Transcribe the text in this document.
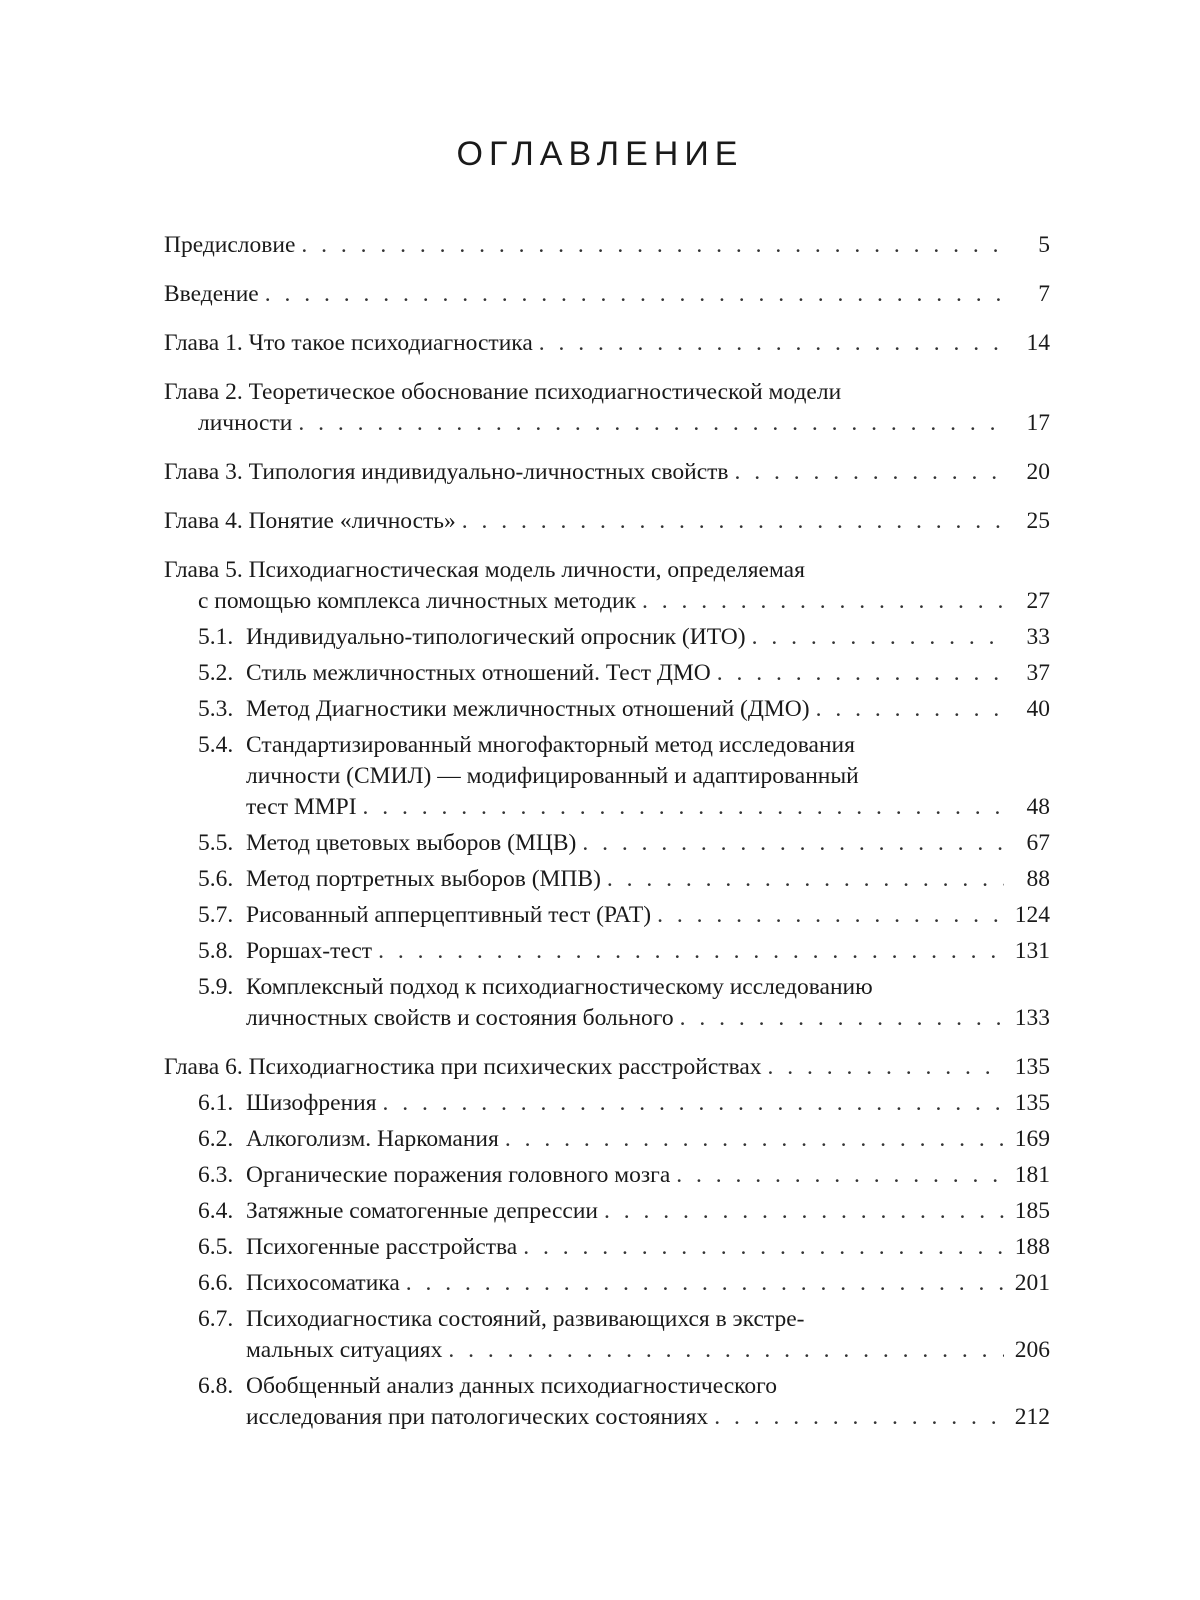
ОГЛАВЛЕНИЕ
Предисловие . . .	5
Введение . . .	7
Глава 1. Что такое психодиагностика . . .	14
Глава 2. Теоретическое обоснование психодиагностической модели
личности . . .	17
Глава 3. Типология индивидуально-личностных свойств . . .	20
Глава 4. Понятие «личность» . . .	25
Глава 5. Психодиагностическая модель личности, определяемая
с помощью комплекса личностных методик . . .	27
5.1. Индивидуально-типологический опросник (ИТО) . . .	33
5.2. Стиль межличностных отношений. Тест ДМО . . .	37
5.3. Метод Диагностики межличностных отношений (ДМО) . . .	40
5.4. Стандартизированный многофакторный метод исследования
личности (СМИЛ) — модифицированный и адаптированный
тест MMPI . . .	48
5.5. Метод цветовых выборов (МЦВ) . . .	67
5.6. Метод портретных выборов (МПВ) . . .	88
5.7. Рисованный апперцептивный тест (РАТ) . . .	124
5.8. Роршах-тест . . .	131
5.9. Комплексный подход к психодиагностическому исследованию
личностных свойств и состояния больного . . .	133
Глава 6. Психодиагностика при психических расстройствах . . .	135
6.1. Шизофрения . . .	135
6.2. Алкоголизм. Наркомания . . .	169
6.3. Органические поражения головного мозга . . .	181
6.4. Затяжные соматогенные депрессии . . .	185
6.5. Психогенные расстройства . . .	188
6.6. Психосоматика . . .	201
6.7. Психодиагностика состояний, развивающихся в экстре-
мальных ситуациях . . .	206
6.8. Обобщенный анализ данных психодиагностического
исследования при патологических состояниях . . .	212
